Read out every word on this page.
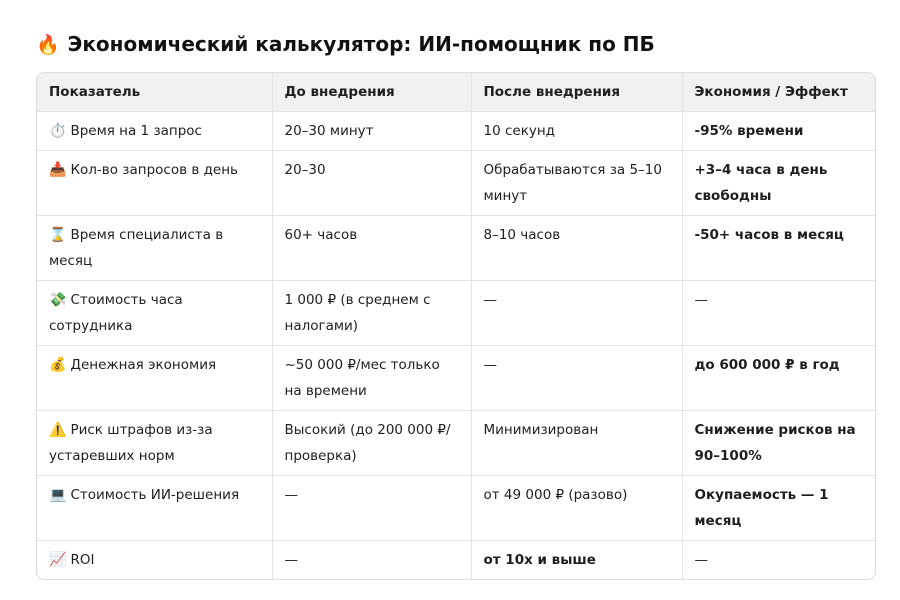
🔥 Экономический калькулятор: ИИ-помощник по ПБ
Показатель	До внедрения	После внедрения	Экономия / Эффект
⏱️ Время на 1 запрос	20–30 минут	10 секунд	-95% времени
📥 Кол-во запросов в день	20–30	Обрабатываются за 5–10 минут	+3–4 часа в день свободны
⌛ Время специалиста в месяц	60+ часов	8–10 часов	-50+ часов в месяц
💸 Стоимость часа сотрудника	1 000 ₽ (в среднем с налогами)	—	—
💰 Денежная экономия	~50 000 ₽/мес только на времени	—	до 600 000 ₽ в год
⚠️ Риск штрафов из-за устаревших норм	Высокий (до 200 000 ₽/проверка)	Минимизирован	Снижение рисков на 90–100%
💻 Стоимость ИИ-решения	—	от 49 000 ₽ (разово)	Окупаемость — 1 месяц
📈 ROI	—	от 10x и выше	—
